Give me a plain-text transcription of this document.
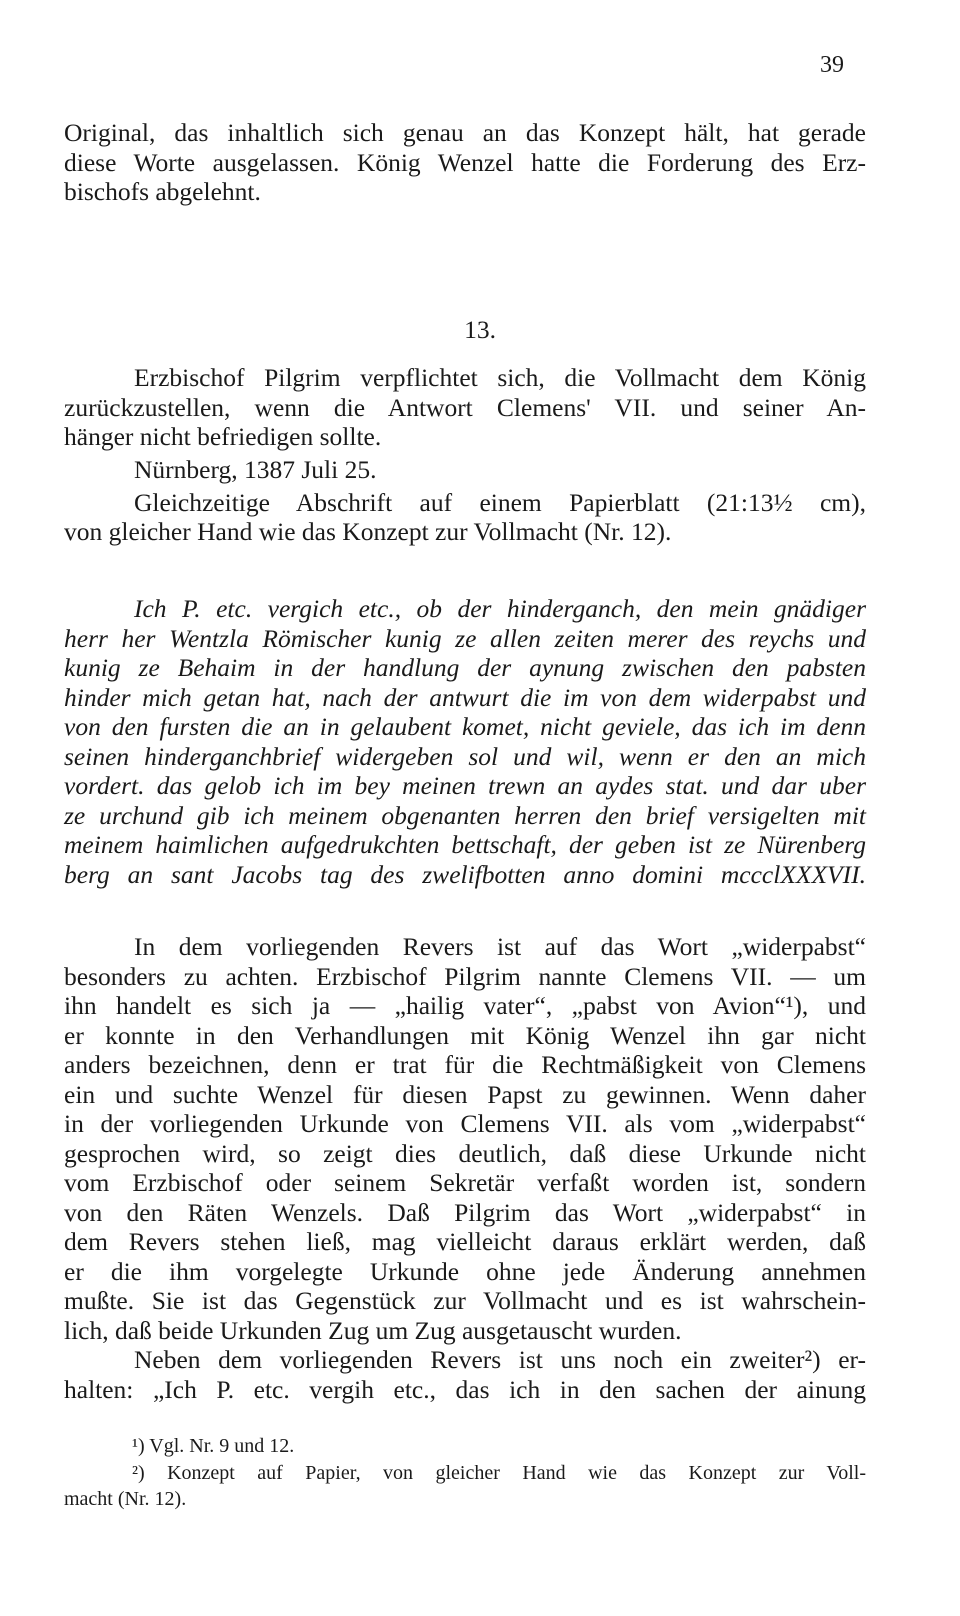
39
Original, das inhaltlich sich genau an das Konzept hält, hat gerade
diese Worte ausgelassen. König Wenzel hatte die Forderung des Erz-
bischofs abgelehnt.
13.
Erzbischof Pilgrim verpflichtet sich, die Vollmacht dem König
zurückzustellen, wenn die Antwort Clemens' VII. und seiner An-
hänger nicht befriedigen sollte.
Nürnberg, 1387 Juli 25.
Gleichzeitige Abschrift auf einem Papierblatt (21:13½ cm),
von gleicher Hand wie das Konzept zur Vollmacht (Nr. 12).
Ich P. etc. vergich etc., ob der hinderganch, den mein gnädiger
herr her Wentzla Römischer kunig ze allen zeiten merer des reychs und
kunig ze Behaim in der handlung der aynung zwischen den pabsten
hinder mich getan hat, nach der antwurt die im von dem widerpabst und
von den fursten die an in gelaubent komet, nicht geviele, das ich im denn
seinen hinderganchbrief widergeben sol und wil, wenn er den an mich
vordert. das gelob ich im bey meinen trewn an aydes stat. und dar uber
ze urchund gib ich meinem obgenanten herren den brief versigelten mit
meinem haimlichen aufgedrukchten bettschaft, der geben ist ze Nürenberg
berg an sant Jacobs tag des zwelifbotten anno domini mccclXXXVII.
In dem vorliegenden Revers ist auf das Wort „widerpabst“
besonders zu achten. Erzbischof Pilgrim nannte Clemens VII. — um
ihn handelt es sich ja — „hailig vater“, „pabst von Avion“¹), und
er konnte in den Verhandlungen mit König Wenzel ihn gar nicht
anders bezeichnen, denn er trat für die Rechtmäßigkeit von Clemens
ein und suchte Wenzel für diesen Papst zu gewinnen. Wenn daher
in der vorliegenden Urkunde von Clemens VII. als vom „widerpabst“
gesprochen wird, so zeigt dies deutlich, daß diese Urkunde nicht
vom Erzbischof oder seinem Sekretär verfaßt worden ist, sondern
von den Räten Wenzels. Daß Pilgrim das Wort „widerpabst“ in
dem Revers stehen ließ, mag vielleicht daraus erklärt werden, daß
er die ihm vorgelegte Urkunde ohne jede Änderung annehmen
mußte. Sie ist das Gegenstück zur Vollmacht und es ist wahrschein-
lich, daß beide Urkunden Zug um Zug ausgetauscht wurden.
Neben dem vorliegenden Revers ist uns noch ein zweiter²) er-
halten: „Ich P. etc. vergih etc., das ich in den sachen der ainung
¹) Vgl. Nr. 9 und 12.
²) Konzept auf Papier, von gleicher Hand wie das Konzept zur Voll-
macht (Nr. 12).
